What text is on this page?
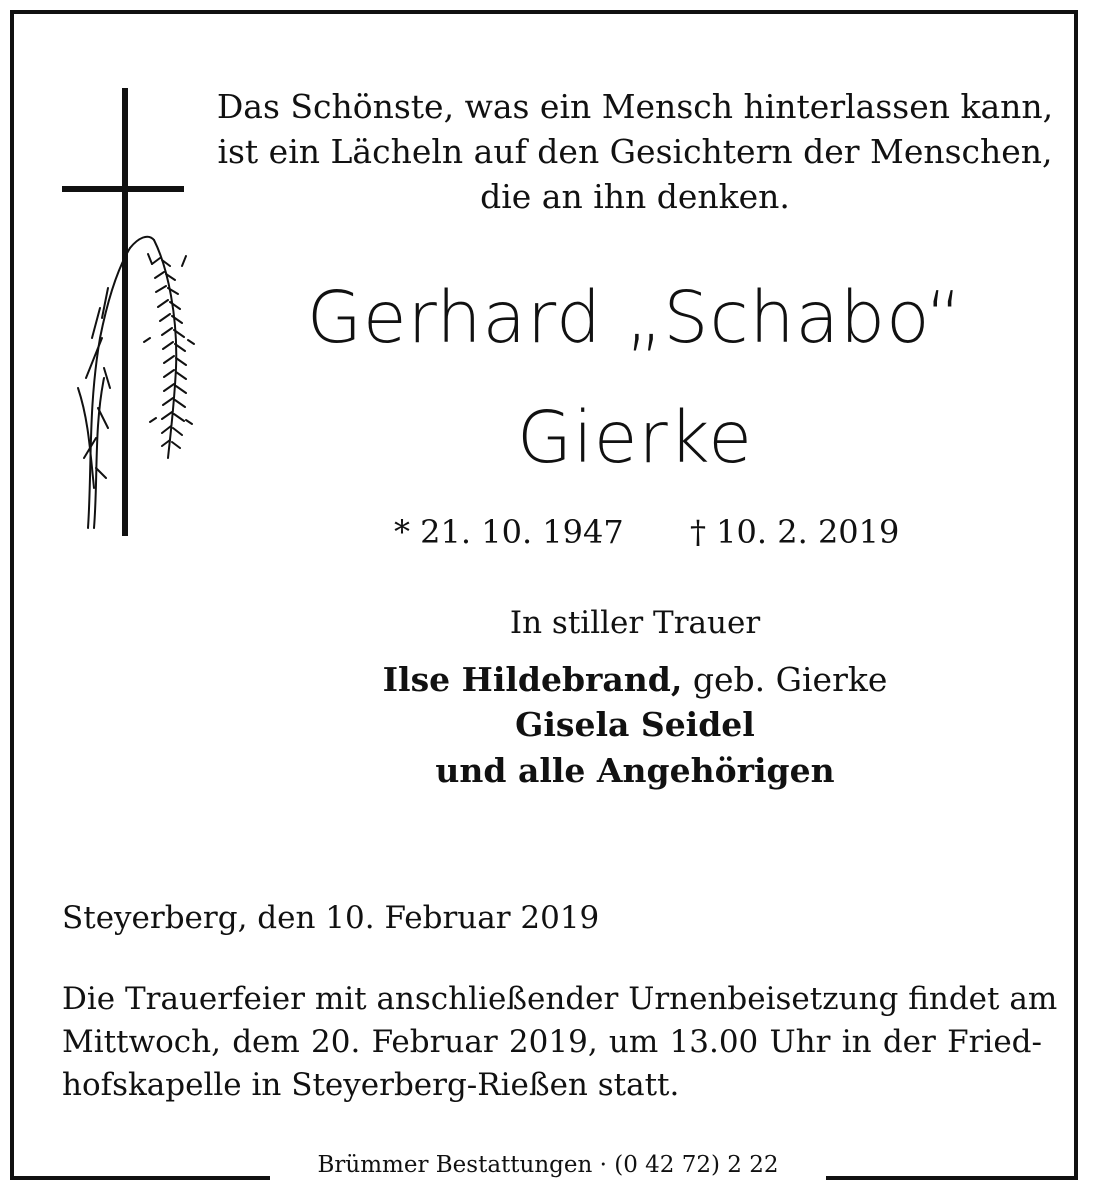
Das Schönste, was ein Mensch hinterlassen kann,
ist ein Lächeln auf den Gesichtern der Menschen,
die an ihn denken.
Gerhard „Schabo“
Gierke
* 21. 10. 1947 † 10. 2. 2019
In stiller Trauer
Ilse Hildebrand, geb. Gierke
Gisela Seidel
und alle Angehörigen
Steyerberg, den 10. Februar 2019
Die Trauerfeier mit anschließender Urnenbeisetzung findet am
Mittwoch, dem 20. Februar 2019, um 13.00 Uhr in der Fried-
hofskapelle in Steyerberg-Rießen statt.
Brümmer Bestattungen · (0 42 72) 2 22
